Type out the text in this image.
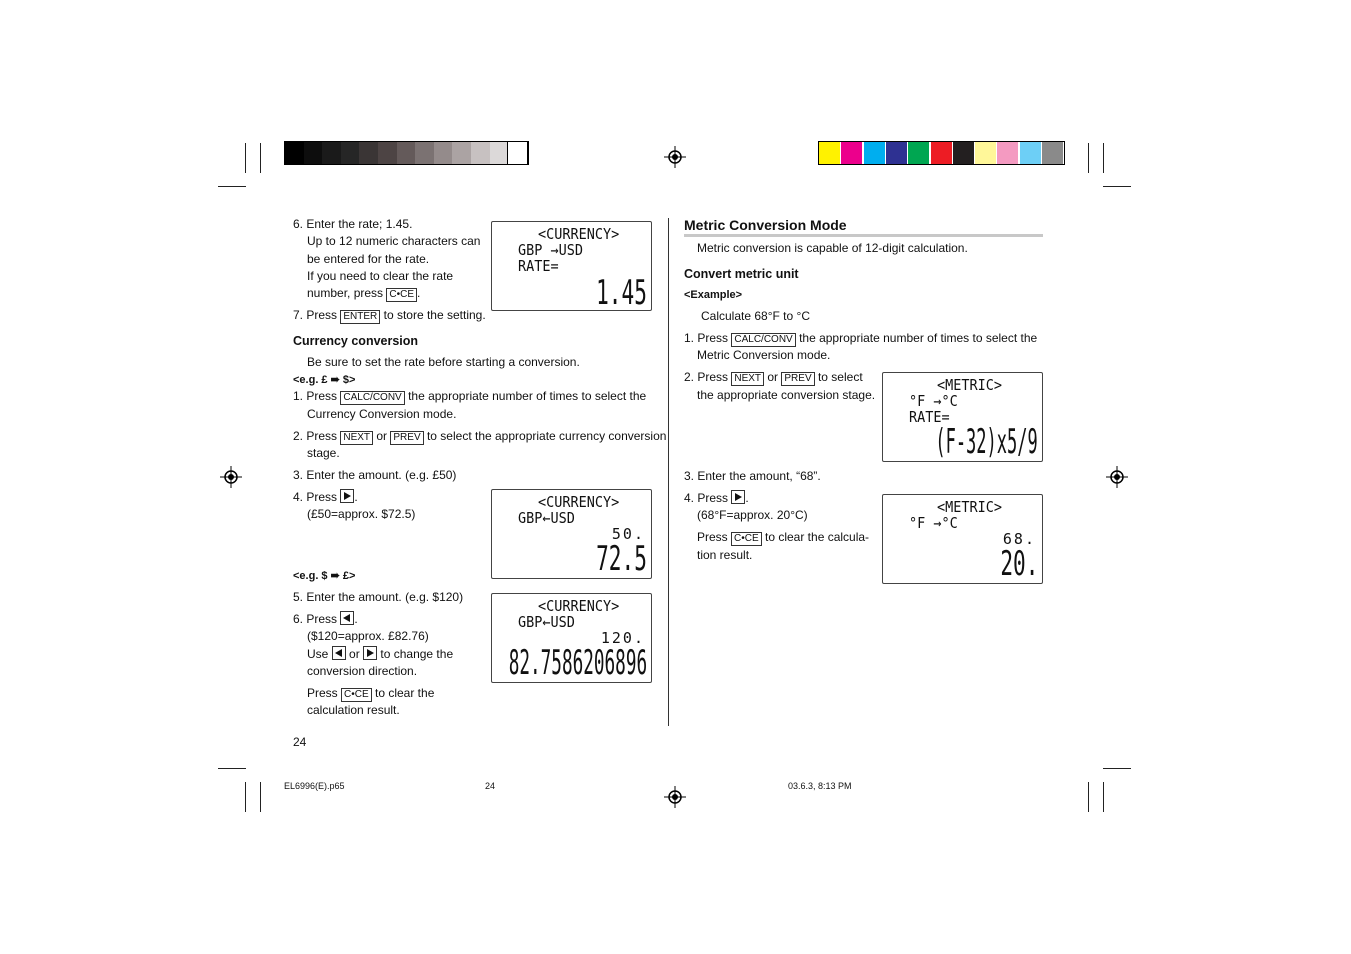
6. Enter the rate; 1.45.
Up to 12 numeric characters can
be entered for the rate.
If you need to clear the rate
number, press C•CE .
7. Press ENTER to store the setting.
Currency conversion
Be sure to set the rate before starting a conversion.
<e.g. £ ➠ $>
1. Press CALC/CONV the appropriate number of times to select the
Currency Conversion mode.
2. Press NEXT or PREV to select the appropriate currency conversion
stage.
3. Enter the amount. (e.g. £50)
4. Press .
(£50=approx. $72.5)
<e.g. $ ➠ £>
5. Enter the amount. (e.g. $120)
6. Press .
($120=approx. £82.76)
Use or to change the
conversion direction.
Press C•CE to clear the
calculation result.
24
<CURRENCY>
GBP →USD
RATE=
1.45
<CURRENCY>
GBP←USD
50.
72.5
<CURRENCY>
GBP←USD
120.
82.7586206896
Metric Conversion Mode
Metric conversion is capable of 12-digit calculation.
Convert metric unit
<Example>
Calculate 68°F to °C
1. Press CALC/CONV the appropriate number of times to select the
Metric Conversion mode.
2. Press NEXT or PREV to select
the appropriate conversion stage.
3. Enter the amount, “68”.
4. Press .
(68°F=approx. 20°C)
Press C•CE to clear the calcula-
tion result.
<METRIC>
°F →°C
RATE=
(F-32)x5/9
<METRIC>
°F →°C
68.
20.
EL6996(E).p65	24	03.6.3, 8:13 PM
